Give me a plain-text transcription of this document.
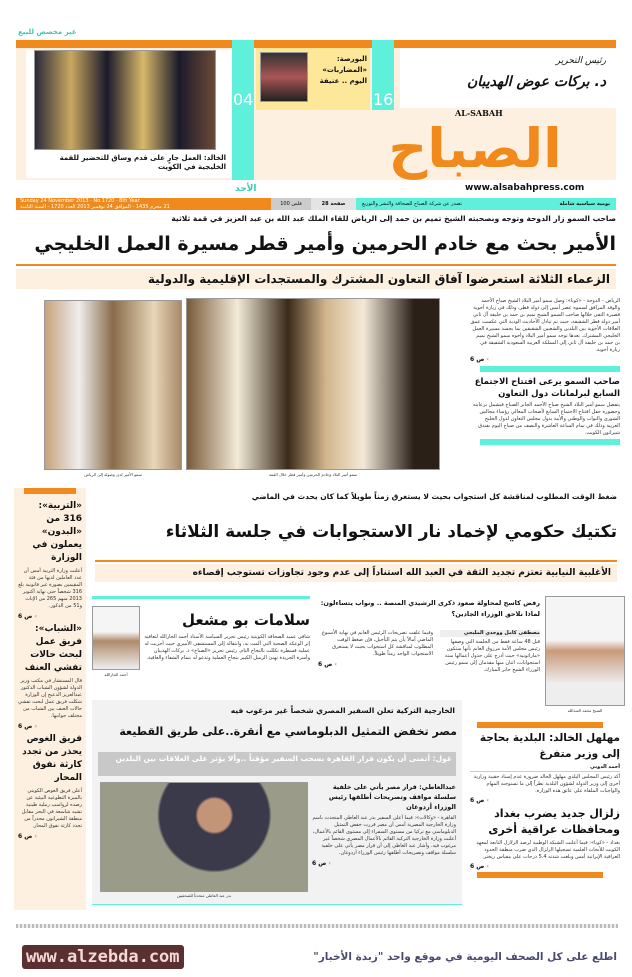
غير مخصص للبيع
الخالد: العمل جارٍ على قدم وساق للتحضير للقمة الخليجية في الكويت
04	16
البورصة: «المضاربات» اليوم .. عنيفة
رئيس التحرير
د. بركات عوض الهديبان
AL-SABAH
الصباح
www.alsabahpress.com
الأحد
Sunday 24 November 2013 · No.1720 · 8th Year
21 محرم 1435 - الموافق 24 نوفمبر 2013 العدد 1720 - السنة الثامنة	100 فلس	28 صفحة	يومية سياسية شاملة
تصدر عن شركة الصباح للصحافة والنشر والتوزيع
صاحب السمو زار الدوحة وتوجه وبصحبته الشيخ تميم بن حمد إلى الرياض للقاء الملك عبد الله بن عبد العزيز في قمة ثلاثية
الأمير بحث مع خادم الحرمين وأمير قطر مسيرة العمل الخليجي
الزعماء الثلاثة استعرضوا آفاق التعاون المشترك والمستجدات الإقليمية والدولية
سمو الأمير لدى وصوله إلى الرياض	سمو أمير البلاد وخادم الحرمين وأمير قطر خلال القمة
الرياض - الدوحة - «كونا»: وصل سمو أمير البلاد الشيخ صباح الأحمد والوفد المرافق لسموه عصر أمس إلى دولة قطر، وذلك في زيارة أخوية قصيرة التقى خلالها صاحب السمو الشيخ تميم بن حمد بن خليفة آل ثاني أمير دولة قطر الشقيقة، حيث تم تبادل الأحاديث الودية التي عكست عمق العلاقات الأخوية بين البلدين والشعبين الشقيقين بما يجسد مسيرة العمل الخليجي المشترك. بعدها توجه سمو أمير البلاد وأخوه سمو الشيخ تميم بن حمد بن خليفة آل ثاني إلى المملكة العربية السعودية الشقيقة في زيارة أخوية.
ص 6 ‹
صاحب السمو يرعى افتتاح الاجتماع السابع لبرلمانات دول التعاون
يتفضل سمو أمير البلاد الشيخ صباح الأحمد الجابر الصباح فيشمل برعايته وحضوره حفل افتتاح الاجتماع السابع لأصحاب المعالي رؤساء مجالس الشورى والنواب والوطني والأمة بدول مجلس التعاون لدول الخليج العربية وذلك في تمام الساعة العاشرة والنصف من صباح اليوم بفندق شيراتون الكويت.
«التربية»: 316 من «البدون» يعملون في الوزارة
أعلنت وزارة التربية أمس أن عدد العاملين لديها من فئة المقيمين بصورة غير قانونية بلغ 316 شخصاً حتى نهاية أكتوبر 2013 منهم 265 من الإناث و51 من الذكور.
ص 6 ‹
«الشباب»: فريق عمل لبحث حالات تفشي العنف
قال المستشار في مكتب وزير الدولة لشؤون الشباب الدكتور عبدالعزيز الدعيج إن الوزارة شكلت فريق عمل لبحث تفشي حالات العنف بين الشباب من مختلف جوانبها.
ص 6 ‹
فريق الغوص يحذر من تجدد كارثة نفوق المحار
أعلن فريق الغوص الكويتي بالمبرة التطوعية البيئية عن رصده لرواسب رملية طينية تشبه شاسعة في البحر مقابل منطقة الشيراتون محذراً من تجدد كارثة نفوق المحار.
ص 6 ‹
ضغط الوقت المطلوب لمناقشة كل استجواب بحيث لا يستغرق زمناً طويلاً كما كان يحدث في الماضي
تكتيك حكومي لإخماد نار الاستجوابات في جلسة الثلاثاء
الأغلبية النيابية تعتزم تجديد الثقة في العبد الله استناداً إلى عدم وجود تجاوزات تستوجب إقصاءه
الشيخ محمد العبدالله
رفض كاسح لمحاولة صعود ذكرى الرشيدي المنصة .. ونواب يتساءلون: لماذا نلاحق الوزراء الجادين؟
مصطفى كامل ووجدي المليجي
قبل 48 ساعة فقط من الجلسة التي وصفها رئيس مجلس الأمة مرزوق الغانم بأنها ستكون «ماراثونية» حيث أدرج على جدول أعمالها ستة استجوابات، اثنان منها مقدمان إلى سمو رئيس الوزراء الشيخ جابر المبارك.
وفيما علقت تصريحات الرئيس الغانم في نهاية الأسبوع الماضي آمالاً بأن يتم التأجيل، فإن ضغط الوقت المطلوب لمناقشة كل استجواب بحيث لا يستغرق الاستجواب الواحد زمناً طويلاً.
ص 6 ‹
أحمد الجارالله
سلامات بو مشعل
شافى عميد الصحافة الكويتية رئيس تحرير السياسة الأستاذ أحمد الجارالله لتعافيه إثر الوعكة الصحية التي ألمت به، وانتقاله إلى المستشفى الأميري حيث أجريت له عملية قسطرة تكللت بالنجاح التام. رئيس تحرير «الصباح» د. بركات الهديبان وأسرة الجريدة تهنئ الزميل الكبير بنجاح العملية وتدعو له بتمام الشفاء والعافية.
الخارجية التركية تعلن السفير المصري شخصاً غير مرغوب فيه
مصر تخفض التمثيل الدبلوماسي مع أنقرة..على طريق القطيعة
غول: أتمنى أن يكون قرار القاهرة بسحب السفير مؤقتاً ..وألا يؤثر على العلاقات بين البلدين
بدر عبد العاطي متحدثاً للصحفيين
عبدالعاطي: قرار مصر يأتي على خلفية سلسلة مواقف وتصريحات أطلقها رئيس الوزراء أردوغان
القاهرة - «وكالات»: فيما أعلن السفير بدر عبد العاطي المتحدث باسم وزارة الخارجية المصرية أمس أن مصر قررت خفض التمثيل الدبلوماسي مع تركيا من مستوى السفراء إلى مستوى القائم بالأعمال، أعلنت وزارة الخارجية التركية القائم بالأعمال المصري شخصاً غير مرغوب فيه. وأشار عبد العاطي إلى أن قرار مصر يأتي على خلفية سلسلة مواقف وتصريحات أطلقها رئيس الوزراء أردوغان.
ص 6 ‹
مهلهل الخالد: البلدية بحاجة إلى وزير متفرغ
أحمد الدوبي
أكد رئيس المجلس البلدي مهلهل الخالد ضرورة عدم إسناد حقيبة وزارية أخرى إلى وزير الدولة لشؤون البلدية نظراً إلى ما تستوجبه المهام والواجبات الملقاة على عاتق هذه الوزارة.
ص 6 ‹
زلزال جديد يضرب بغداد ومحافظات عراقية أخرى
بغداد - «كونا»: فيما أعلنت الشبكة الوطنية لرصد الزلازل التابعة لمعهد الكويت للأبحاث العلمية تسجيلها الزلزال الذي ضرب منطقة الحدود العراقية الإيرانية أمس وبلغت شدته 5.4 درجات على مقياس ريختر.
ص 6 ‹
www.alzebda.com	اطلع على كل الصحف اليومية في موقع واحد "زبدة الأخبار"
